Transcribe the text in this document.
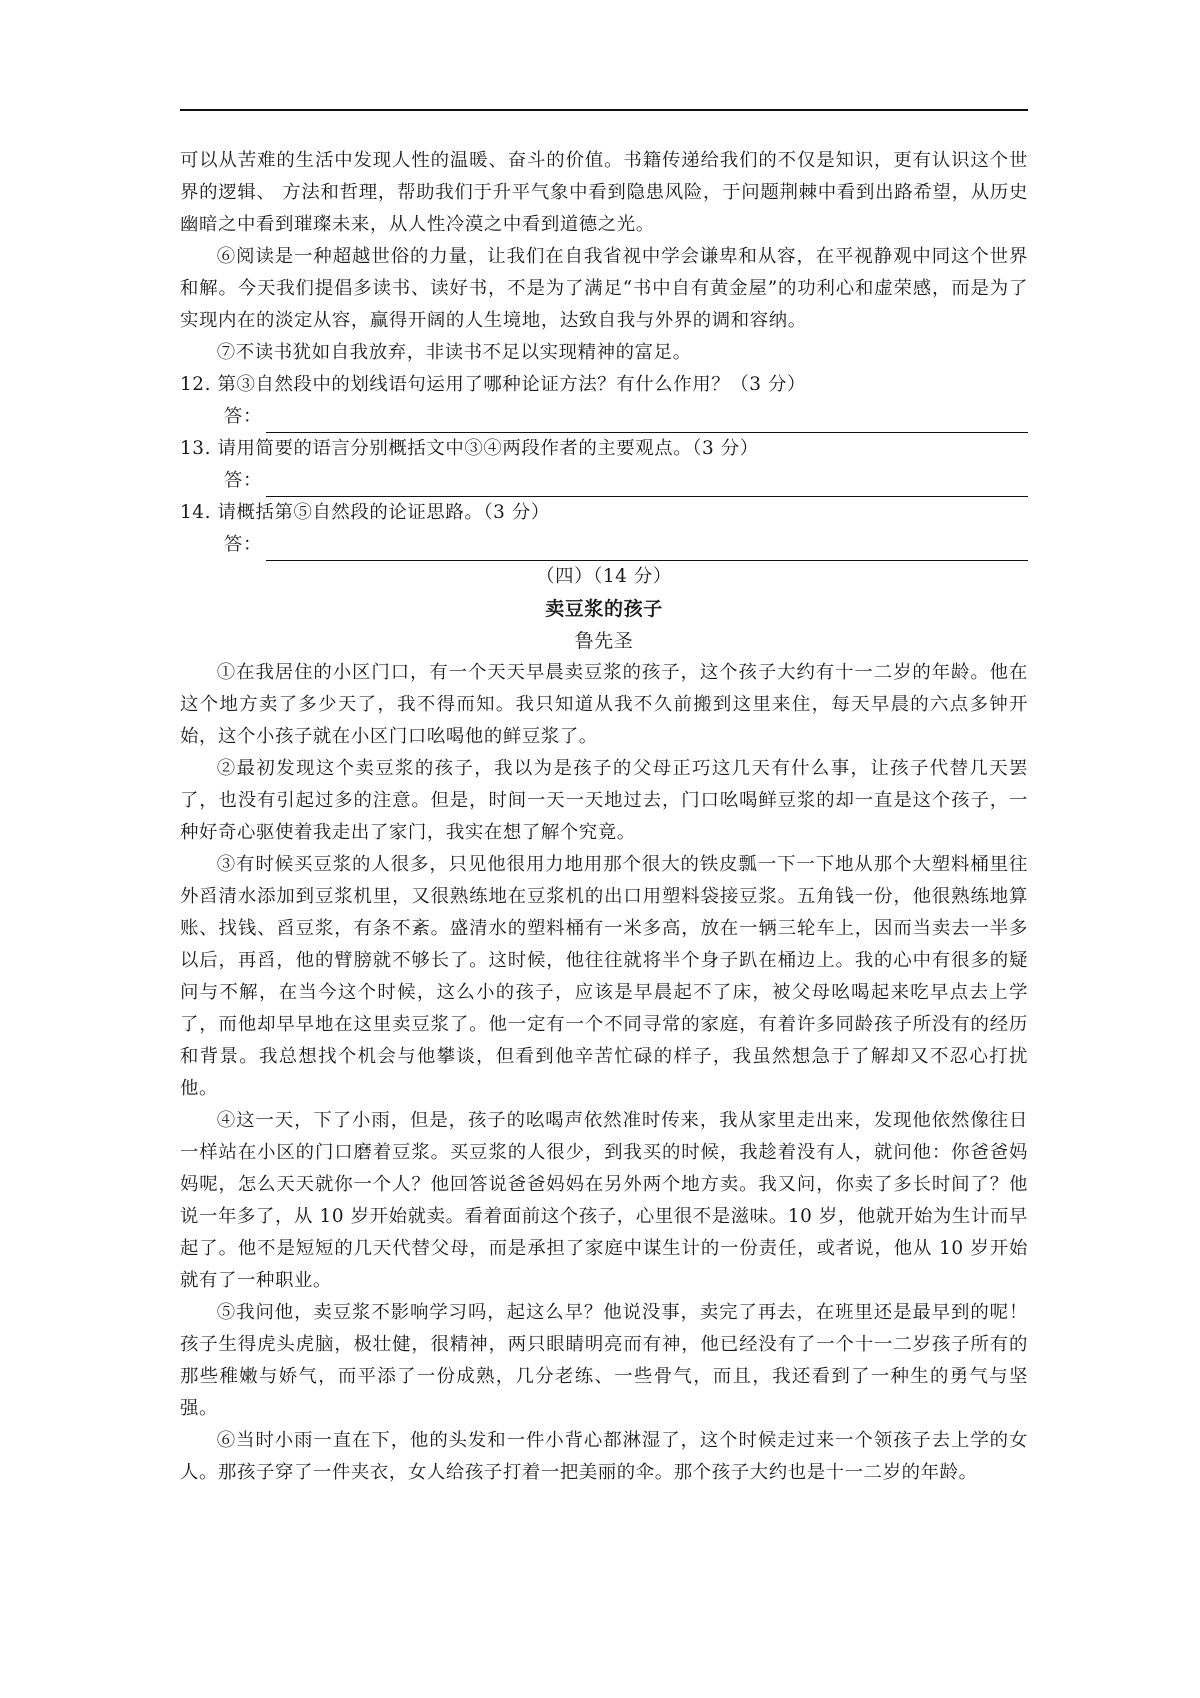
可以从苦难的生活中发现人性的温暖、奋斗的价值。书籍传递给我们的不仅是知识，更有认识这个世界的逻辑、 方法和哲理，帮助我们于升平气象中看到隐患风险，于问题荆棘中看到出路希望，从历史幽暗之中看到璀璨未来，从人性冷漠之中看到道德之光。

⑥阅读是一种超越世俗的力量，让我们在自我省视中学会谦卑和从容，在平视静观中同这个世界和解。今天我们提倡多读书、读好书，不是为了满足“书中自有黄金屋”的功利心和虚荣感，而是为了实现内在的淡定从容，赢得开阔的人生境地，达致自我与外界的调和容纳。

⑦不读书犹如自我放弃，非读书不足以实现精神的富足。

12. 第③自然段中的划线语句运用了哪种论证方法？有什么作用？（3 分）

答：

13. 请用简要的语言分别概括文中③④两段作者的主要观点。（3 分）

答：

14. 请概括第⑤自然段的论证思路。（3 分）

答：

（四）（14 分）

卖豆浆的孩子

鲁先圣

①在我居住的小区门口，有一个天天早晨卖豆浆的孩子，这个孩子大约有十一二岁的年龄。他在这个地方卖了多少天了，我不得而知。我只知道从我不久前搬到这里来住，每天早晨的六点多钟开始，这个小孩子就在小区门口吆喝他的鲜豆浆了。

②最初发现这个卖豆浆的孩子，我以为是孩子的父母正巧这几天有什么事，让孩子代替几天罢了，也没有引起过多的注意。但是，时间一天一天地过去，门口吆喝鲜豆浆的却一直是这个孩子，一种好奇心驱使着我走出了家门，我实在想了解个究竟。

③有时候买豆浆的人很多，只见他很用力地用那个很大的铁皮瓢一下一下地从那个大塑料桶里往外舀清水添加到豆浆机里，又很熟练地在豆浆机的出口用塑料袋接豆浆。五角钱一份，他很熟练地算账、找钱、舀豆浆，有条不紊。盛清水的塑料桶有一米多高，放在一辆三轮车上，因而当卖去一半多以后，再舀，他的臂膀就不够长了。这时候，他往往就将半个身子趴在桶边上。我的心中有很多的疑问与不解，在当今这个时候，这么小的孩子，应该是早晨起不了床，被父母吆喝起来吃早点去上学了，而他却早早地在这里卖豆浆了。他一定有一个不同寻常的家庭，有着许多同龄孩子所没有的经历和背景。我总想找个机会与他攀谈，但看到他辛苦忙碌的样子，我虽然想急于了解却又不忍心打扰他。

④这一天，下了小雨，但是，孩子的吆喝声依然准时传来，我从家里走出来，发现他依然像往日一样站在小区的门口磨着豆浆。买豆浆的人很少，到我买的时候，我趁着没有人，就问他：你爸爸妈妈呢，怎么天天就你一个人？他回答说爸爸妈妈在另外两个地方卖。我又问，你卖了多长时间了？他说一年多了，从 10 岁开始就卖。看着面前这个孩子，心里很不是滋味。10 岁，他就开始为生计而早起了。他不是短短的几天代替父母，而是承担了家庭中谋生计的一份责任，或者说，他从 10 岁开始就有了一种职业。

⑤我问他，卖豆浆不影响学习吗，起这么早？他说没事，卖完了再去，在班里还是最早到的呢！孩子生得虎头虎脑，极壮健，很精神，两只眼睛明亮而有神，他已经没有了一个十一二岁孩子所有的那些稚嫩与娇气，而平添了一份成熟，几分老练、一些骨气，而且，我还看到了一种生的勇气与坚强。

⑥当时小雨一直在下，他的头发和一件小背心都淋湿了，这个时候走过来一个领孩子去上学的女人。那孩子穿了一件夹衣，女人给孩子打着一把美丽的伞。那个孩子大约也是十一二岁的年龄。
